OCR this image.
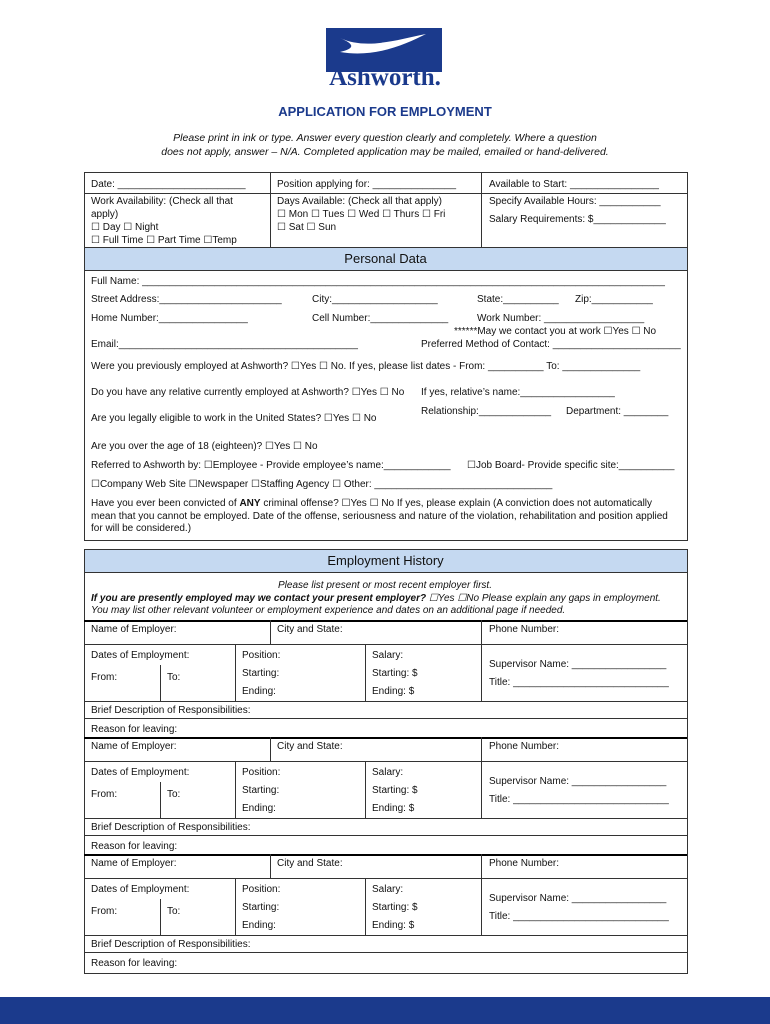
Ashworth.
APPLICATION FOR EMPLOYMENT
Please print in ink or type. Answer every question clearly and completely. Where a question
does not apply, answer – N/A. Completed application may be mailed, emailed or hand-delivered.
Date: _______________________	Position applying for: _______________	Available to Start: ________________
Work Availability: (Check all that
apply)
☐ Day ☐ Night
☐ Full Time ☐ Part Time ☐Temp
Days Available: (Check all that apply)
☐ Mon ☐ Tues ☐ Wed ☐ Thurs ☐ Fri
☐ Sat ☐ Sun
Specify Available Hours: ___________
Salary Requirements: $_____________
Personal Data
Full Name: ______________________________________________________________________________________________
Street Address:______________________	City:___________________	State:__________ Zip:___________
Home Number:________________	Cell Number:______________	Work Number: __________________
******May we contact you at work ☐Yes ☐ No
Email:___________________________________________	Preferred Method of Contact: _______________________
Were you previously employed at Ashworth? ☐Yes ☐ No. If yes, please list dates - From: __________ To: ______________
Do you have any relative currently employed at Ashworth? ☐Yes ☐ No If yes, relative’s name:_________________
Relationship:_____________ Department: ________
Are you legally eligible to work in the United States? ☐Yes ☐ No
Are you over the age of 18 (eighteen)? ☐Yes ☐ No
Referred to Ashworth by: ☐Employee - Provide employee’s name:____________ ☐Job Board- Provide specific site:__________
☐Company Web Site ☐Newspaper ☐Staffing Agency ☐ Other: ________________________________
Have you ever been convicted of ANY criminal offense? ☐Yes ☐ No If yes, please explain (A conviction does not automatically
mean that you cannot be employed. Date of the offense, seriousness and nature of the violation, rehabilitation and position applied
for will be considered.)
Employment History
Please list present or most recent employer first.
If you are presently employed may we contact your present employer? ☐Yes ☐No Please explain any gaps in employment.
You may list other relevant volunteer or employment experience and dates on an additional page if needed.
Name of Employer:	City and State:	Phone Number:
Dates of Employment:	Position:	Salary:
From:	To:	Starting:	Starting: $
Ending:	Ending: $
Supervisor Name: _________________
Title: ____________________________
Brief Description of Responsibilities:
Reason for leaving:
Name of Employer:	City and State:	Phone Number:
Dates of Employment:	Position:	Salary:
From:	To:	Starting:	Starting: $
Ending:	Ending: $
Supervisor Name: _________________
Title: ____________________________
Brief Description of Responsibilities:
Reason for leaving:
Name of Employer:	City and State:	Phone Number:
Dates of Employment:	Position:	Salary:
From:	To:	Starting:	Starting: $
Ending:	Ending: $
Supervisor Name: _________________
Title: ____________________________
Brief Description of Responsibilities:
Reason for leaving:
